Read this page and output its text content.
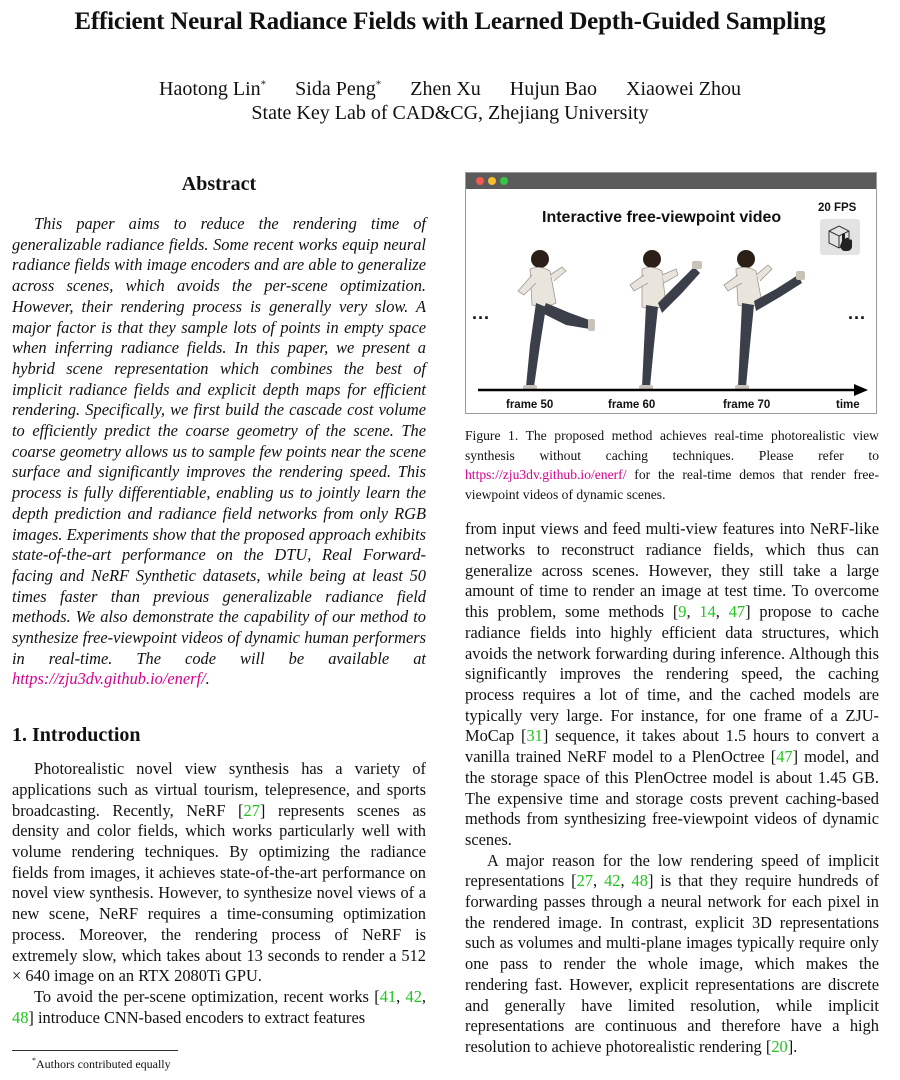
Efficient Neural Radiance Fields with Learned Depth-Guided Sampling
Haotong Lin* Sida Peng* Zhen Xu Hujun Bao Xiaowei Zhou
State Key Lab of CAD&CG, Zhejiang University
Abstract

This paper aims to reduce the rendering time of generalizable radiance fields. Some recent works equip neural radiance fields with image encoders and are able to generalize across scenes, which avoids the per-scene optimization. However, their rendering process is generally very slow. A major factor is that they sample lots of points in empty space when inferring radiance fields. In this paper, we present a hybrid scene representation which combines the best of implicit radiance fields and explicit depth maps for efficient rendering. Specifically, we first build the cascade cost volume to efficiently predict the coarse geometry of the scene. The coarse geometry allows us to sample few points near the scene surface and significantly improves the rendering speed. This process is fully differentiable, enabling us to jointly learn the depth prediction and radiance field networks from only RGB images. Experiments show that the proposed approach exhibits state-of-the-art performance on the DTU, Real Forward-facing and NeRF Synthetic datasets, while being at least 50 times faster than previous generalizable radiance field methods. We also demonstrate the capability of our method to synthesize free-viewpoint videos of dynamic human performers in real-time. The code will be available at https://zju3dv.github.io/enerf/.

1. Introduction

Photorealistic novel view synthesis has a variety of applications such as virtual tourism, telepresence, and sports broadcasting. Recently, NeRF [27] represents scenes as density and color fields, which works particularly well with volume rendering techniques. By optimizing the radiance fields from images, it achieves state-of-the-art performance on novel view synthesis. However, to synthesize novel views of a new scene, NeRF requires a time-consuming optimization process. Moreover, the rendering process of NeRF is extremely slow, which takes about 13 seconds to render a 512 × 640 image on an RTX 2080Ti GPU.

To avoid the per-scene optimization, recent works [41, 42, 48] introduce CNN-based encoders to extract features

*Authors contributed equally
Interactive free-viewpoint video
20 FPS
...	...
frame 50	frame 60	frame 70	time

Figure 1. The proposed method achieves real-time photorealistic view synthesis without caching techniques. Please refer to https://zju3dv.github.io/enerf/ for the real-time demos that render free-viewpoint videos of dynamic scenes.

from input views and feed multi-view features into NeRF-like networks to reconstruct radiance fields, which thus can generalize across scenes. However, they still take a large amount of time to render an image at test time. To overcome this problem, some methods [9, 14, 47] propose to cache radiance fields into highly efficient data structures, which avoids the network forwarding during inference. Although this significantly improves the rendering speed, the caching process requires a lot of time, and the cached models are typically very large. For instance, for one frame of a ZJU-MoCap [31] sequence, it takes about 1.5 hours to convert a vanilla trained NeRF model to a PlenOctree [47] model, and the storage space of this PlenOctree model is about 1.45 GB. The expensive time and storage costs prevent caching-based methods from synthesizing free-viewpoint videos of dynamic scenes.

A major reason for the low rendering speed of implicit representations [27, 42, 48] is that they require hundreds of forwarding passes through a neural network for each pixel in the rendered image. In contrast, explicit 3D representations such as volumes and multi-plane images typically require only one pass to render the whole image, which makes the rendering fast. However, explicit representations are discrete and generally have limited resolution, while implicit representations are continuous and therefore have a high resolution to achieve photorealistic rendering [20].
